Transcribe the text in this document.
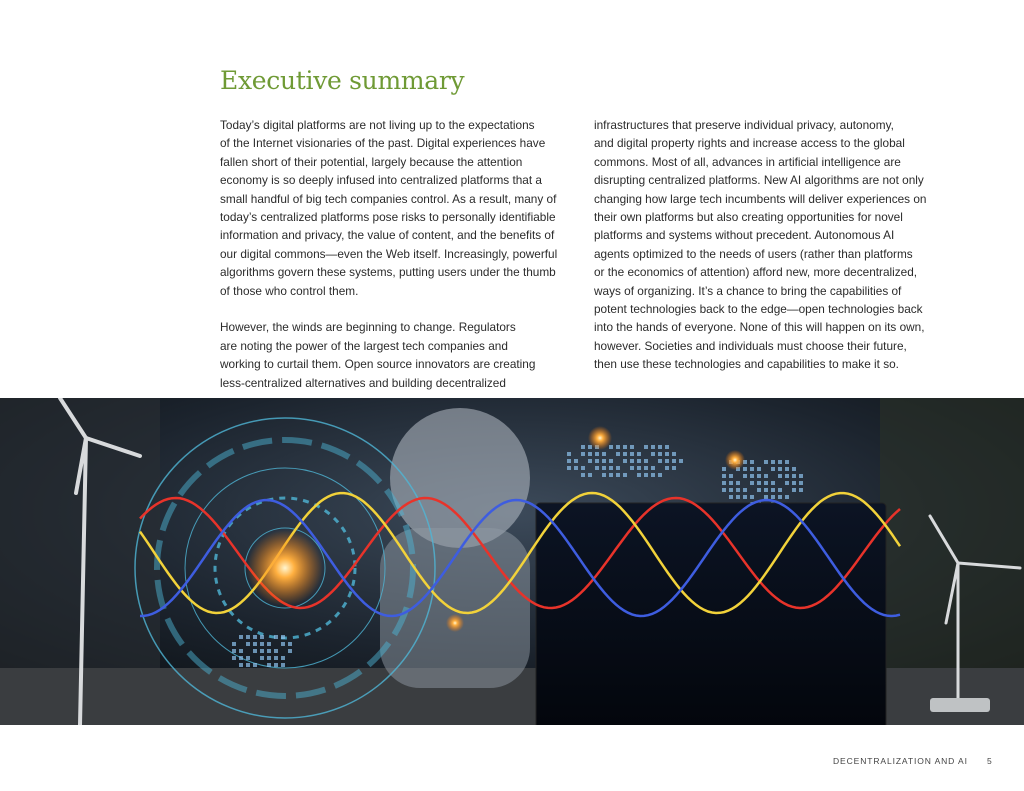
Executive summary

Today’s digital platforms are not living up to the expectations

of the Internet visionaries of the past. Digital experiences have

fallen short of their potential, largely because the attention

economy is so deeply infused into centralized platforms that a

small handful of big tech companies control. As a result, many of

today’s centralized platforms pose risks to personally identifiable

information and privacy, the value of content, and the benefits of

our digital commons—even the Web itself. Increasingly, powerful

algorithms govern these systems, putting users under the thumb

of those who control them.

However, the winds are beginning to change. Regulators

are noting the power of the largest tech companies and

working to curtail them. Open source innovators are creating

less-centralized alternatives and building decentralized

infrastructures that preserve individual privacy, autonomy,

and digital property rights and increase access to the global

commons. Most of all, advances in artificial intelligence are

disrupting centralized platforms. New AI algorithms are not only

changing how large tech incumbents will deliver experiences on

their own platforms but also creating opportunities for novel

platforms and systems without precedent. Autonomous AI

agents optimized to the needs of users (rather than platforms

or the economics of attention) afford new, more decentralized,

ways of organizing. It’s a chance to bring the capabilities of

potent technologies back to the edge—open technologies back

into the hands of everyone. None of this will happen on its own,

however. Societies and individuals must choose their future,

then use these technologies and capabilities to make it so.

DECENTRALIZATION AND AI 5
